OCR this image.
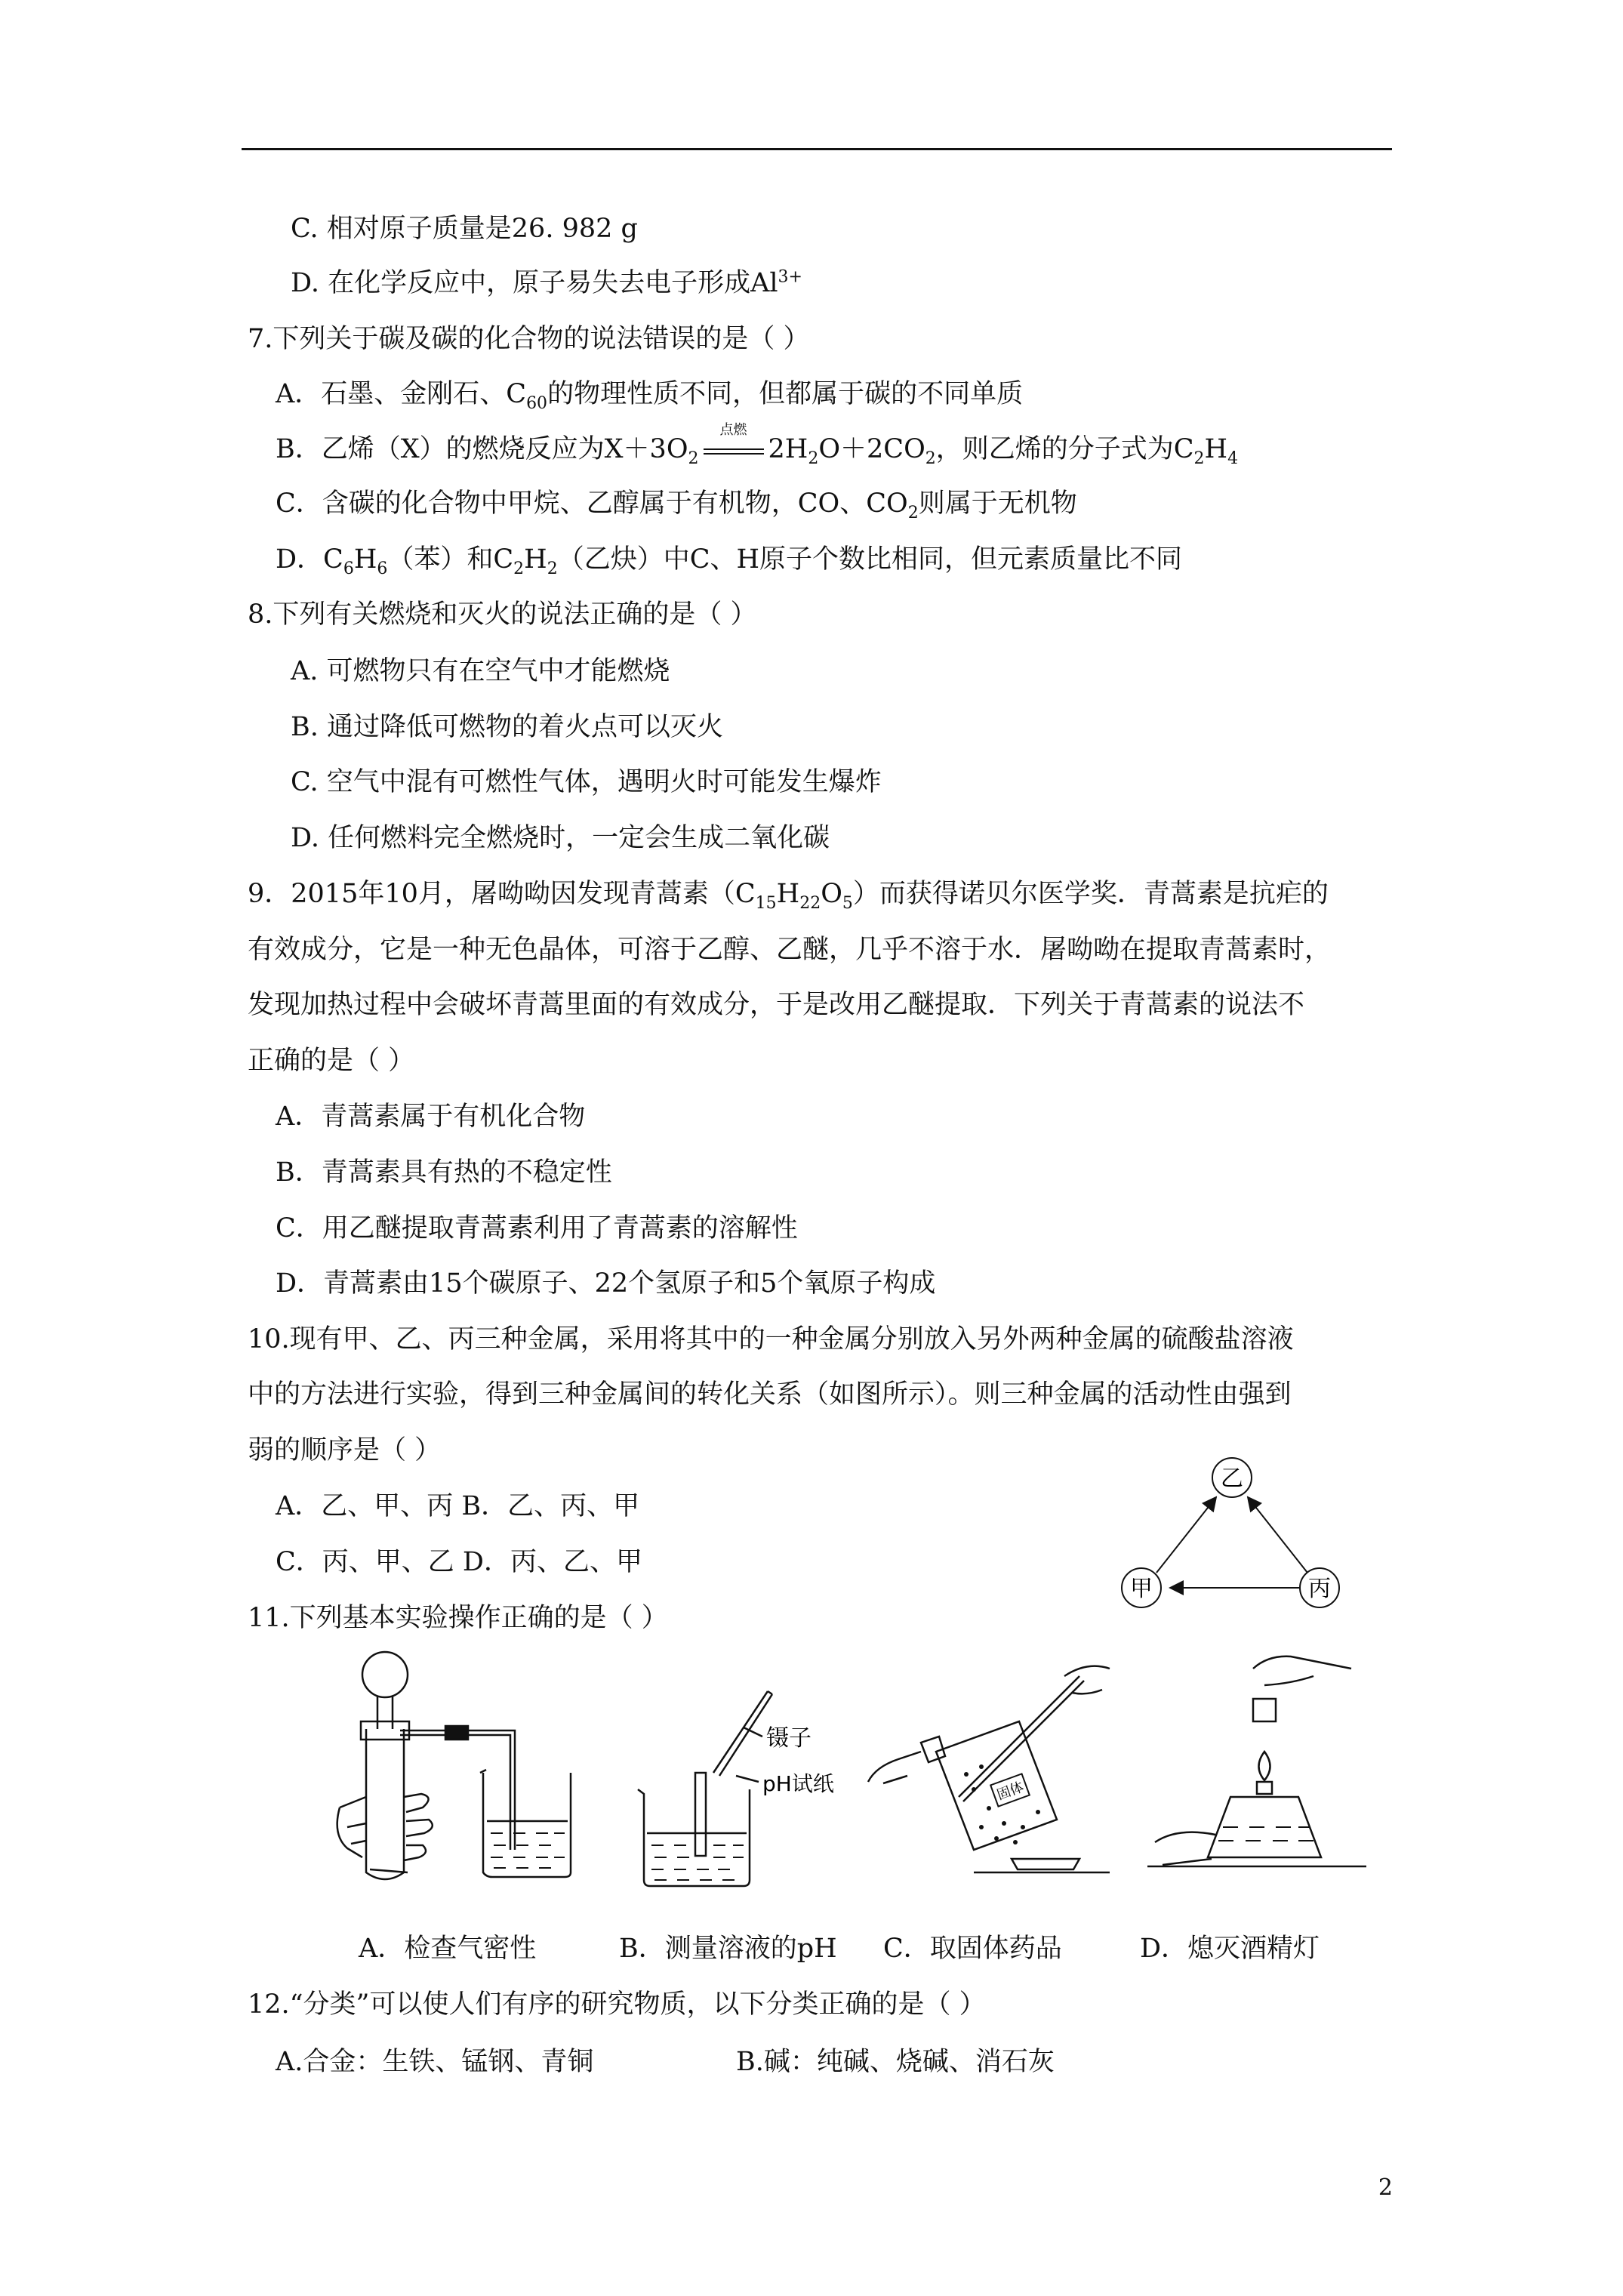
C. 相对原子质量是26. 982 g
D. 在化学反应中，原子易失去电子形成$Al^{3+}$
7.下列关于碳及碳的化合物的说法错误的是（ ）
A．石墨、金刚石、$C_{60}$的物理性质不同，但都属于碳的不同单质
B．乙烯（X）的燃烧反应为$X+3O_2$
点燃
$2H_2O+2CO_2$，则乙烯的分子式为$C_2H_4$
C．含碳的化合物中甲烷、乙醇属于有机物，CO、$CO_2$则属于无机物
D．$C_6H_6$（苯）和$C_2H_2$（乙炔）中C、H原子个数比相同，但元素质量比不同
8.下列有关燃烧和灭火的说法正确的是（ ）
A. 可燃物只有在空气中才能燃烧
B. 通过降低可燃物的着火点可以灭火
C. 空气中混有可燃性气体，遇明火时可能发生爆炸
D. 任何燃料完全燃烧时，一定会生成二氧化碳
9．2015年10月，屠呦呦因发现青蒿素$(C_{15}H_{22}O_5)$而获得诺贝尔医学奖．青蒿素是抗疟的
有效成分，它是一种无色晶体，可溶于乙醇、乙醚，几乎不溶于水．屠呦呦在提取青蒿素时，
发现加热过程中会破坏青蒿里面的有效成分，于是改用乙醚提取．下列关于青蒿素的说法不
正确的是（ ）
A．青蒿素属于有机化合物
B．青蒿素具有热的不稳定性
C．用乙醚提取青蒿素利用了青蒿素的溶解性
D．青蒿素由15个碳原子、22个氢原子和5个氧原子构成
10.现有甲、乙、丙三种金属，采用将其中的一种金属分别放入另外两种金属的硫酸盐溶液
中的方法进行实验，得到三种金属间的转化关系（如图所示）。则三种金属的活动性由强到
弱的顺序是（ ）
A．乙、甲、丙 B．乙、丙、甲
C．丙、甲、乙 D．丙、乙、甲
乙
甲	丙
11.下列基本实验操作正确的是（ ）
镊子
pH试纸	固体
A．检查气密性	B．测量溶液的pH C．取固体药品	D．熄灭酒精灯
12.“分类”可以使人们有序的研究物质，以下分类正确的是（ ）
A.合金：生铁、锰钢、青铜	B.碱：纯碱、烧碱、消石灰
2
